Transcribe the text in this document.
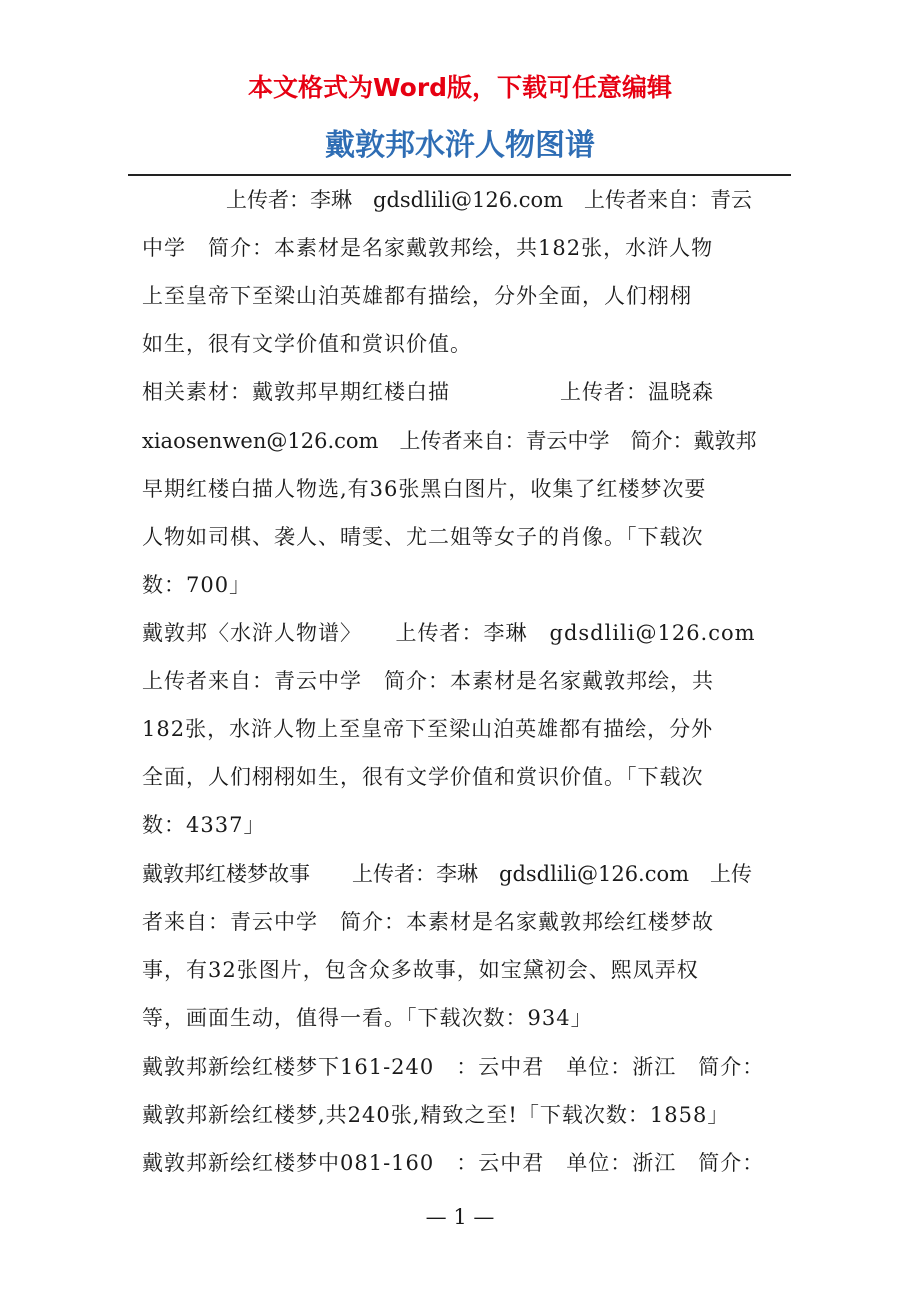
本文格式为Word版，下载可任意编辑
戴敦邦水浒人物图谱
上传者：李琳　gdsdlili@126.com　上传者来自：青云
中学　简介：本素材是名家戴敦邦绘，共182张，水浒人物
上至皇帝下至梁山泊英雄都有描绘，分外全面，人们栩栩
如生，很有文学价值和赏识价值。
相关素材：戴敦邦早期红楼白描　　　　　上传者：温晓森
xiaosenwen@126.com　上传者来自：青云中学　简介：戴敦邦
早期红楼白描人物选,有36张黑白图片，收集了红楼梦次要
人物如司棋、袭人、晴雯、尤二姐等女子的肖像。「下载次
数：700」
戴敦邦〈水浒人物谱〉　　上传者：李琳　gdsdlili@126.com
上传者来自：青云中学　简介：本素材是名家戴敦邦绘，共
182张，水浒人物上至皇帝下至梁山泊英雄都有描绘，分外
全面，人们栩栩如生，很有文学价值和赏识价值。「下载次
数：4337」
戴敦邦红楼梦故事　　上传者：李琳　gdsdlili@126.com　上传
者来自：青云中学　简介：本素材是名家戴敦邦绘红楼梦故
事，有32张图片，包含众多故事，如宝黛初会、熙凤弄权
等，画面生动，值得一看。「下载次数：934」
戴敦邦新绘红楼梦下161-240　：云中君　单位：浙江　简介：
戴敦邦新绘红楼梦,共240张,精致之至!「下载次数：1858」
戴敦邦新绘红楼梦中081-160　：云中君　单位：浙江　简介：
— 1 —
